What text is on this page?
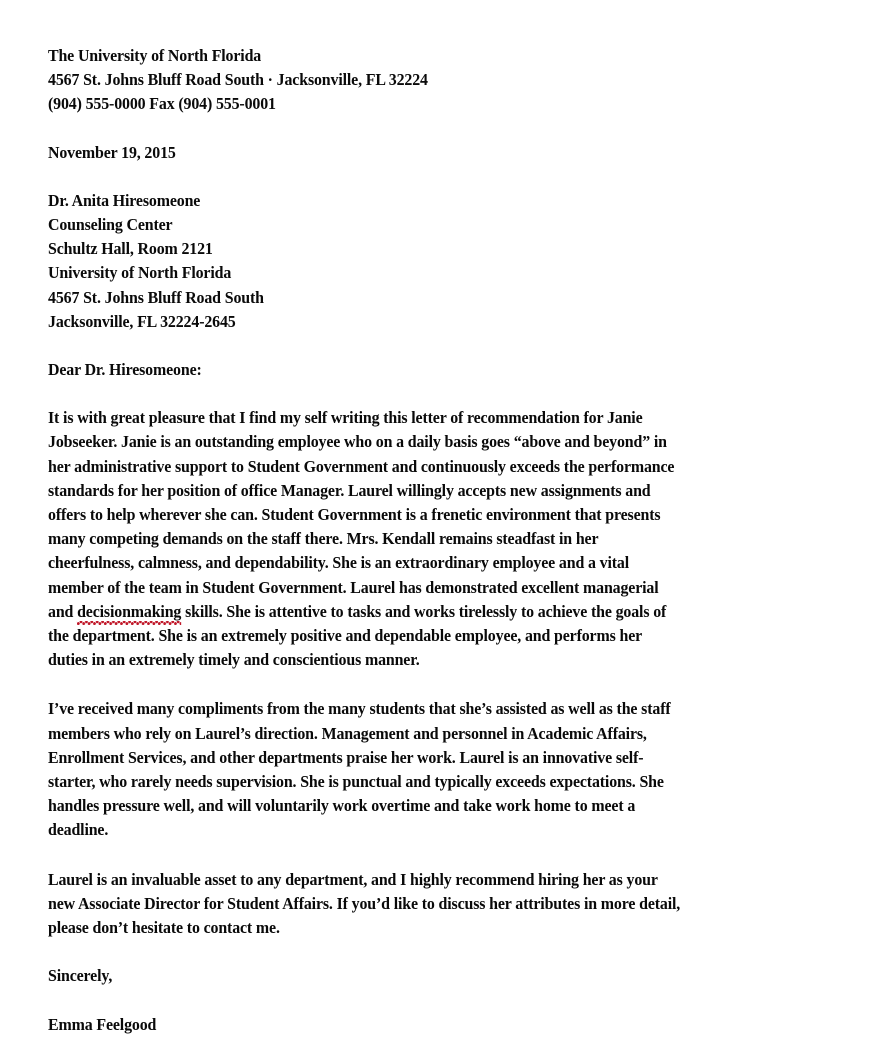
The University of North Florida
4567 St. Johns Bluff Road South · Jacksonville, FL 32224
(904) 555-0000 Fax (904) 555-0001
November 19, 2015
Dr. Anita Hiresomeone
Counseling Center
Schultz Hall, Room 2121
University of North Florida
4567 St. Johns Bluff Road South
Jacksonville, FL 32224-2645
Dear Dr. Hiresomeone:
It is with great pleasure that I find my self writing this letter of recommendation for Janie
Jobseeker. Janie is an outstanding employee who on a daily basis goes “above and beyond” in
her administrative support to Student Government and continuously exceeds the performance
standards for her position of office Manager. Laurel willingly accepts new assignments and
offers to help wherever she can. Student Government is a frenetic environment that presents
many competing demands on the staff there. Mrs. Kendall remains steadfast in her
cheerfulness, calmness, and dependability. She is an extraordinary employee and a vital
member of the team in Student Government. Laurel has demonstrated excellent managerial
and decisionmaking
skills. She is attentive to tasks and works tirelessly to achieve the goals of
the department. She is an extremely positive and dependable employee, and performs her
duties in an extremely timely and conscientious manner.
I’ve received many compliments from the many students that she’s assisted as well as the staff
members who rely on Laurel’s direction. Management and personnel in Academic Affairs,
Enrollment Services, and other departments praise her work. Laurel is an innovative self-
starter, who rarely needs supervision. She is punctual and typically exceeds expectations. She
handles pressure well, and will voluntarily work overtime and take work home to meet a
deadline.
Laurel is an invaluable asset to any department, and I highly recommend hiring her as your
new Associate Director for Student Affairs. If you’d like to discuss her attributes in more detail,
please don’t hesitate to contact me.
Sincerely,
Emma Feelgood
